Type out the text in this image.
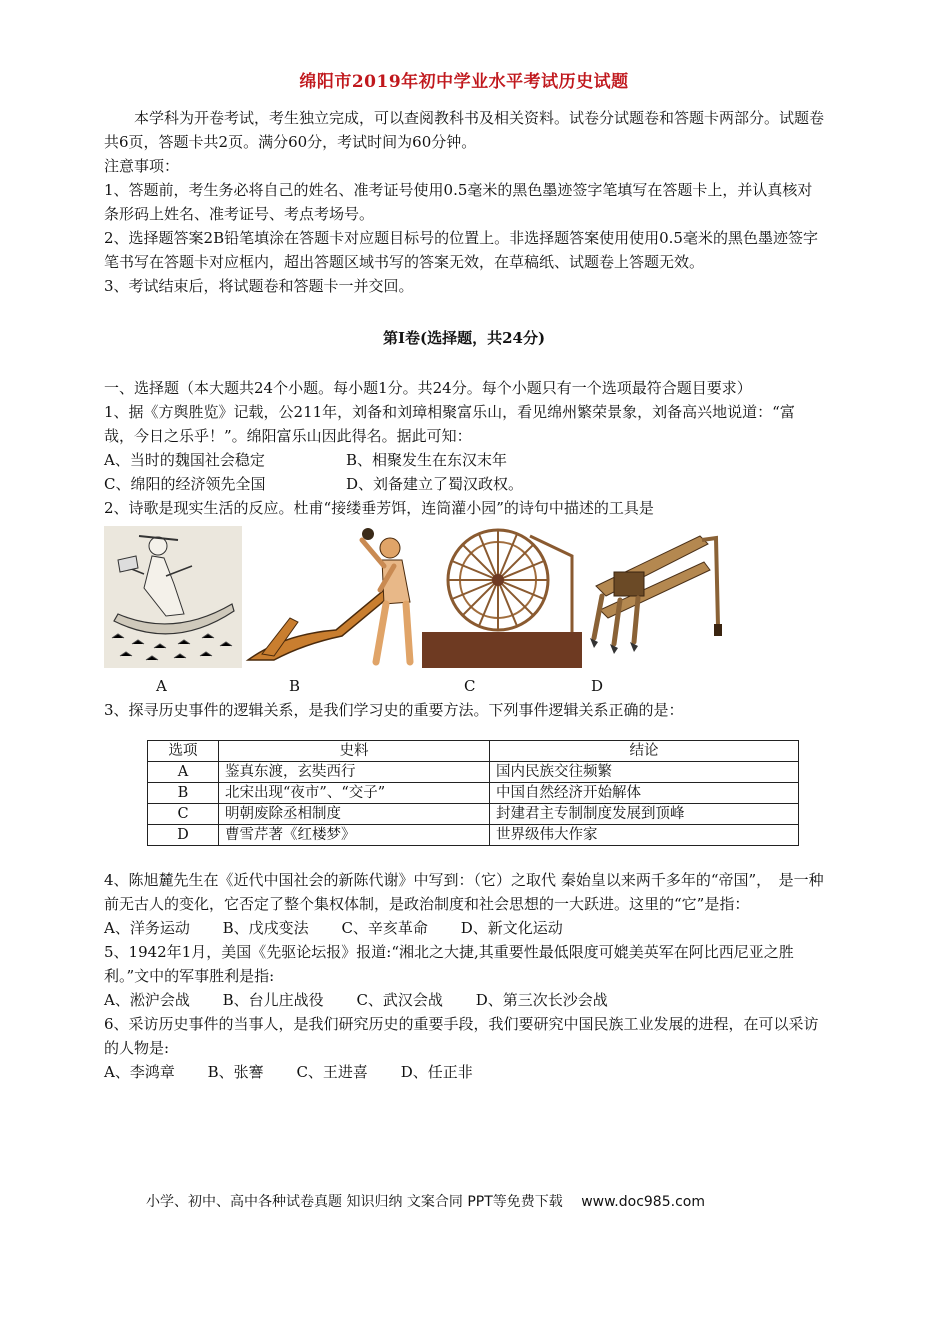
绵阳市2019年初中学业水平考试历史试题

本学科为开卷考试，考生独立完成，可以查阅教科书及相关资料。试卷分试题卷和答题卡两部分。试题卷共6页，答题卡共2页。满分60分，考试时间为60分钟。

注意事项：

1、答题前，考生务必将自己的姓名、准考证号使用0.5毫米的黑色墨迹签字笔填写在答题卡上，并认真核对条形码上姓名、准考证号、考点考场号。

2、选择题答案2B铅笔填涂在答题卡对应题目标号的位置上。非选择题答案使用使用0.5毫米的黑色墨迹签字笔书写在答题卡对应框内，超出答题区域书写的答案无效，在草稿纸、试题卷上答题无效。

3、考试结束后，将试题卷和答题卡一并交回。

第Ⅰ卷(选择题，共24分)

一、选择题（本大题共24个小题。每小题1分。共24分。每个小题只有一个选项最符合题目要求）

1、据《方舆胜览》记载，公211年，刘备和刘璋相聚富乐山，看见绵州繁荣景象，刘备高兴地说道：“富哉，今日之乐乎！”。绵阳富乐山因此得名。据此可知：

A、当时的魏国社会稳定	B、相聚发生在东汉末年
C、绵阳的经济领先全国	D、刘备建立了蜀汉政权。

2、诗歌是现实生活的反应。杜甫“接缕垂芳饵，连筒灌小园”的诗句中描述的工具是

A	B	C	D

3、探寻历史事件的逻辑关系，是我们学习史的重要方法。下列事件逻辑关系正确的是：

选项	史料	结论
A	鉴真东渡，玄奘西行	国内民族交往频繁
B	北宋出现“夜市”、“交子”	中国自然经济开始解体
C	明朝废除丞相制度	封建君主专制制度发展到顶峰
D	曹雪芹著《红楼梦》	世界级伟大作家

4、陈旭麓先生在《近代中国社会的新陈代谢》中写到：（它）之取代 秦始皇以来两千多年的“帝国”，　是一种前无古人的变化，它否定了整个集权体制，是政治制度和社会思想的一大跃进。这里的“它”是指：

A、洋务运动 B、戊戌变法 C、辛亥革命 D、新文化运动

5、1942年1月，美国《先驱论坛报》报道:“湘北之大捷,其重要性最低限度可媲美英军在阿比西尼亚之胜利。”文中的军事胜利是指:

A、淞沪会战 B、台儿庄战役 C、武汉会战 D、第三次长沙会战

6、采访历史事件的当事人，是我们研究历史的重要手段，我们要研究中国民族工业发展的进程，在可以采访的人物是:

A、李鸿章 B、张謇 C、王进喜 D、任正非

小学、初中、高中各种试卷真题 知识归纳 文案合同 PPT等免费下载　 www.doc985.com
